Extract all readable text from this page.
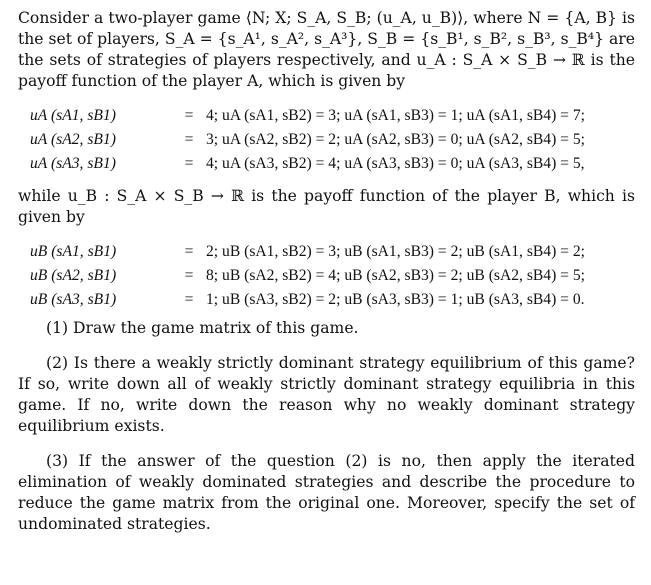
Consider a two-player game ⟨N; X; S_A, S_B; (u_A, u_B)⟩, where N = {A, B} is the set of players, S_A = {s_A¹, s_A², s_A³}, S_B = {s_B¹, s_B², s_B³, s_B⁴} are the sets of strategies of players respectively, and u_A : S_A × S_B → ℝ is the payoff function of the player A, which is given by

uA (sA1, sB1)	= 4; uA (sA1, sB2) = 3; uA (sA1, sB3) = 1; uA (sA1, sB4) = 7;
uA (sA2, sB1)	= 3; uA (sA2, sB2) = 2; uA (sA2, sB3) = 0; uA (sA2, sB4) = 5;
uA (sA3, sB1)	= 4; uA (sA3, sB2) = 4; uA (sA3, sB3) = 0; uA (sA3, sB4) = 5,

while u_B : S_A × S_B → ℝ is the payoff function of the player B, which is given by

uB (sA1, sB1)	= 2; uB (sA1, sB2) = 3; uB (sA1, sB3) = 2; uB (sA1, sB4) = 2;
uB (sA2, sB1)	= 8; uB (sA2, sB2) = 4; uB (sA2, sB3) = 2; uB (sA2, sB4) = 5;
uB (sA3, sB1)	= 1; uB (sA3, sB2) = 2; uB (sA3, sB3) = 1; uB (sA3, sB4) = 0.

(1) Draw the game matrix of this game.

(2) Is there a weakly strictly dominant strategy equilibrium of this game? If so, write down all of weakly strictly dominant strategy equilibria in this game. If no, write down the reason why no weakly dominant strategy equilibrium exists.

(3) If the answer of the question (2) is no, then apply the iterated elimination of weakly dominated strategies and describe the procedure to reduce the game matrix from the original one. Moreover, specify the set of undominated strategies.
